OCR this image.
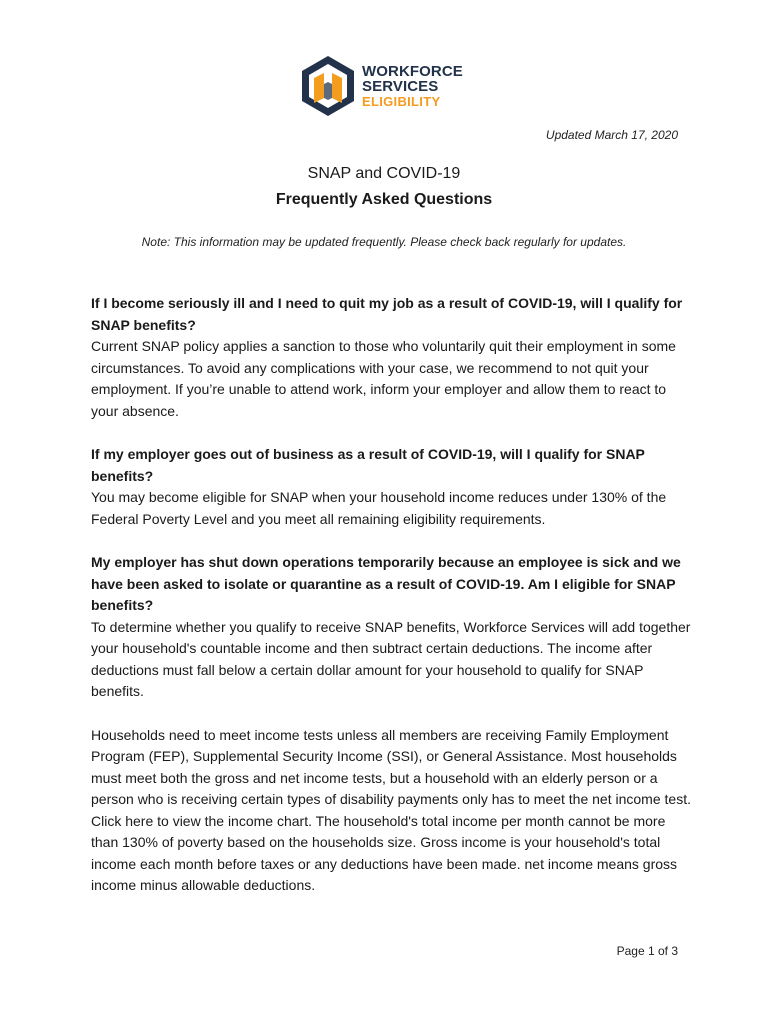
WORKFORCE
SERVICES
ELIGIBILITY
Updated March 17, 2020
SNAP and COVID-19
Frequently Asked Questions
Note: This information may be updated frequently. Please check back regularly for updates.

If I become seriously ill and I need to quit my job as a result of COVID-19, will I qualify for SNAP benefits?

Current SNAP policy applies a sanction to those who voluntarily quit their employment in some circumstances. To avoid any complications with your case, we recommend to not quit your employment. If you’re unable to attend work, inform your employer and allow them to react to your absence.

If my employer goes out of business as a result of COVID-19, will I qualify for SNAP benefits?

You may become eligible for SNAP when your household income reduces under 130% of the Federal Poverty Level and you meet all remaining eligibility requirements.

My employer has shut down operations temporarily because an employee is sick and we have been asked to isolate or quarantine as a result of COVID-19. Am I eligible for SNAP benefits?

To determine whether you qualify to receive SNAP benefits, Workforce Services will add together your household's countable income and then subtract certain deductions. The income after deductions must fall below a certain dollar amount for your household to qualify for SNAP benefits.

Households need to meet income tests unless all members are receiving Family Employment Program (FEP), Supplemental Security Income (SSI), or General Assistance. Most households must meet both the gross and net income tests, but a household with an elderly person or a person who is receiving certain types of disability payments only has to meet the net income test. Click here to view the income chart. The household's total income per month cannot be more than 130% of poverty based on the households size. Gross income is your household's total income each month before taxes or any deductions have been made. net income means gross income minus allowable deductions.

Page 1 of 3
